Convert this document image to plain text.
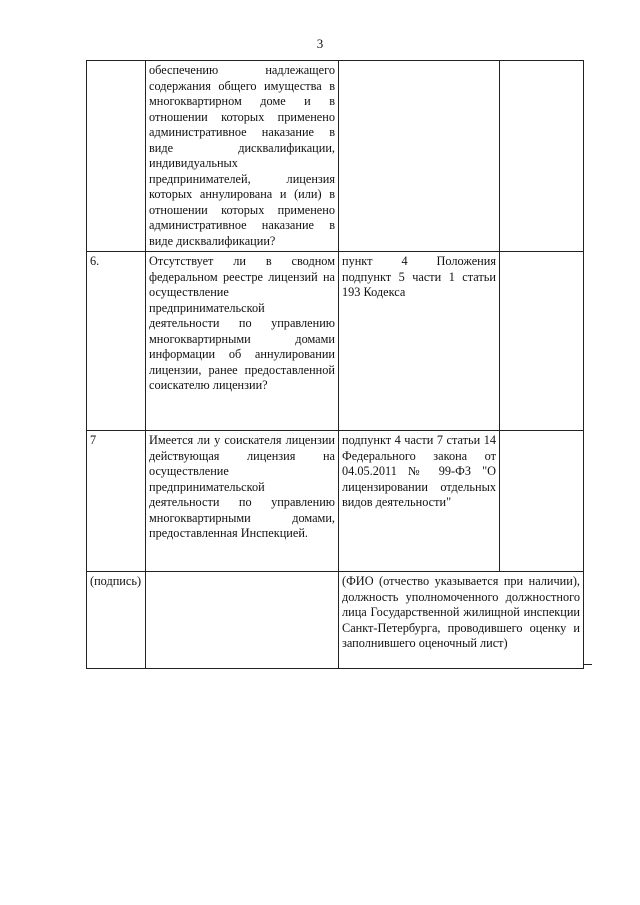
3
	обеспечению надлежащего содержания общего имущества в многоквартирном доме и в отношении которых применено административное наказание в виде дисквалификации, индивидуальных предпринимателей, лицензия которых аннулирована и (или) в отношении которых применено административное наказание в виде дисквалификации?		
6.	Отсутствует ли в сводном федеральном реестре лицензий на осуществление предпринимательской деятельности по управлению многоквартирными домами информации об аннулировании лицензии, ранее предоставленной соискателю лицензии?	пункт 4 Положения подпункт 5 части 1 статьи 193 Кодекса	
7	Имеется ли у соискателя лицензии действующая лицензия на осуществление предпринимательской деятельности по управлению многоквартирными домами, предоставленная Инспекцией.	подпункт 4 части 7 статьи 14 Федерального закона от 04.05.2011 № 99-ФЗ "О лицензировании отдельных видов деятельности"	
(подпись)		(ФИО (отчество указывается при наличии), должность уполномоченного должностного лица Государственной жилищной инспекции Санкт-Петербурга, проводившего оценку и заполнившего оценочный лист)	
